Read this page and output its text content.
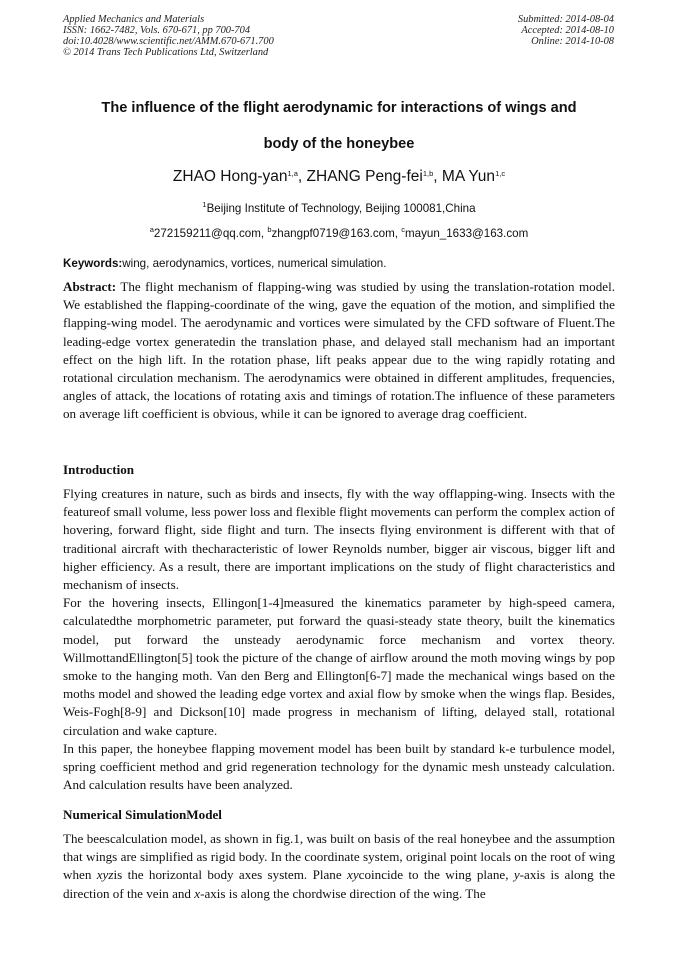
Applied Mechanics and Materials
ISSN: 1662-7482, Vols. 670-671, pp 700-704
doi:10.4028/www.scientific.net/AMM.670-671.700
© 2014 Trans Tech Publications Ltd, Switzerland
Submitted: 2014-08-04
Accepted: 2014-08-10
Online: 2014-10-08
The influence of the flight aerodynamic for interactions of wings and
body of the honeybee
ZHAO Hong-yan$^{1,a}$, ZHANG Peng-fei$^{1,b}$, MA Yun$^{1,c}$
$^1$Beijing Institute of Technology, Beijing 100081,China
$^a$272159211@qq.com, $^b$zhangpf0719@163.com, $^c$mayun_1633@163.com
Keywords:wing, aerodynamics, vortices, numerical simulation.

Abstract: The flight mechanism of flapping-wing was studied by using the translation-rotation model. We established the flapping-coordinate of the wing, gave the equation of the motion, and simplified the flapping-wing model. The aerodynamic and vortices were simulated by the CFD software of Fluent.The leading-edge vortex generatedin the translation phase, and delayed stall mechanism had an important effect on the high lift. In the rotation phase, lift peaks appear due to the wing rapidly rotating and rotational circulation mechanism. The aerodynamics were obtained in different amplitudes, frequencies, angles of attack, the locations of rotating axis and timings of rotation.The influence of these parameters on average lift coefficient is obvious, while it can be ignored to average drag coefficient.

Introduction

Flying creatures in nature, such as birds and insects, fly with the way offlapping-wing. Insects with the featureof small volume, less power loss and flexible flight movements can perform the complex action of hovering, forward flight, side flight and turn. The insects flying environment is different with that of traditional aircraft with thecharacteristic of lower Reynolds number, bigger air viscous, bigger lift and higher efficiency. As a result, there are important implications on the study of flight characteristics and mechanism of insects.

For the hovering insects, Ellingon[1-4]measured the kinematics parameter by high-speed camera, calculatedthe morphometric parameter, put forward the quasi-steady state theory, built the kinematics model, put forward the unsteady aerodynamic force mechanism and vortex theory. WillmottandEllington[5] took the picture of the change of airflow around the moth moving wings by pop smoke to the hanging moth. Van den Berg and Ellington[6-7] made the mechanical wings based on the moths model and showed the leading edge vortex and axial flow by smoke when the wings flap. Besides, Weis-Fogh[8-9] and Dickson[10] made progress in mechanism of lifting, delayed stall, rotational circulation and wake capture.

In this paper, the honeybee flapping movement model has been built by standard k-e turbulence model, spring coefficient method and grid regeneration technology for the dynamic mesh unsteady calculation. And calculation results have been analyzed.

Numerical SimulationModel

The beescalculation model, as shown in fig.1, was built on basis of the real honeybee and the assumption that wings are simplified as rigid body. In the coordinate system, original point locals on the root of wing when xyzis the horizontal body axes system. Plane xycoincide to the wing plane, y-axis is along the direction of the vein and x-axis is along the chordwise direction of the wing. The
